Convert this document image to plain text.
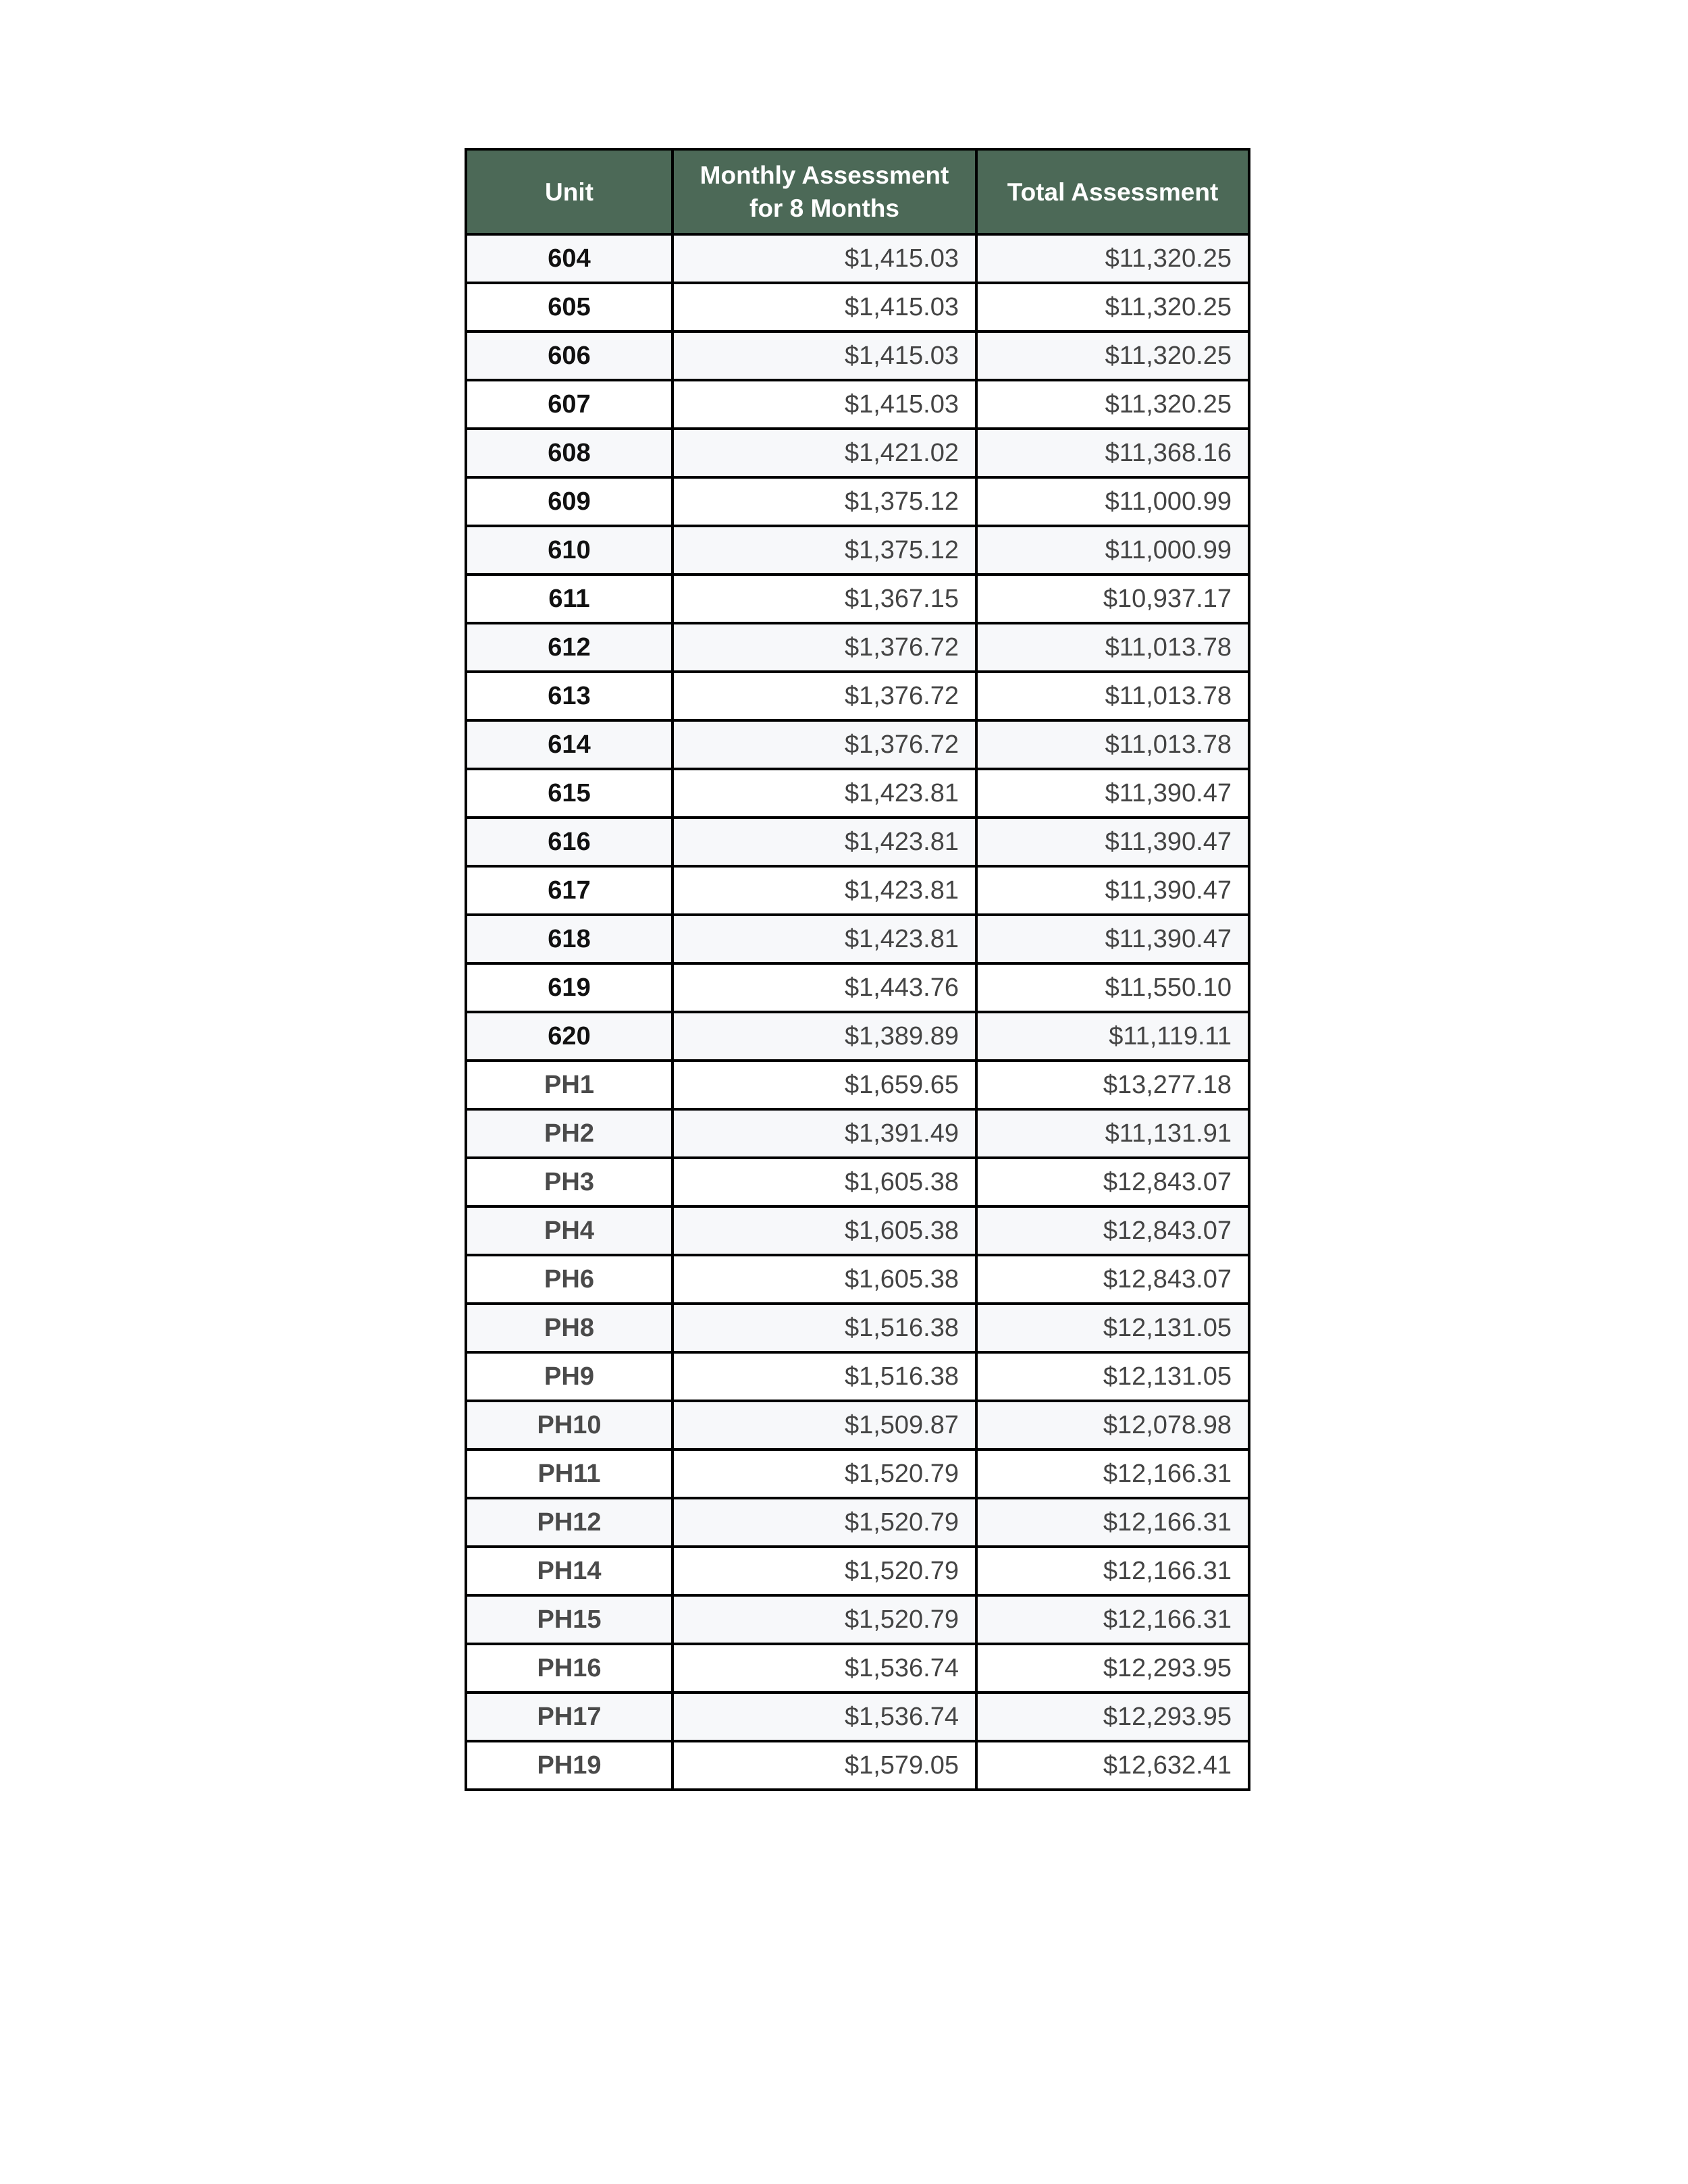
Unit	Monthly Assessment for 8 Months	Total Assessment
604	$1,415.03	$11,320.25
605	$1,415.03	$11,320.25
606	$1,415.03	$11,320.25
607	$1,415.03	$11,320.25
608	$1,421.02	$11,368.16
609	$1,375.12	$11,000.99
610	$1,375.12	$11,000.99
611	$1,367.15	$10,937.17
612	$1,376.72	$11,013.78
613	$1,376.72	$11,013.78
614	$1,376.72	$11,013.78
615	$1,423.81	$11,390.47
616	$1,423.81	$11,390.47
617	$1,423.81	$11,390.47
618	$1,423.81	$11,390.47
619	$1,443.76	$11,550.10
620	$1,389.89	$11,119.11
PH1	$1,659.65	$13,277.18
PH2	$1,391.49	$11,131.91
PH3	$1,605.38	$12,843.07
PH4	$1,605.38	$12,843.07
PH6	$1,605.38	$12,843.07
PH8	$1,516.38	$12,131.05
PH9	$1,516.38	$12,131.05
PH10	$1,509.87	$12,078.98
PH11	$1,520.79	$12,166.31
PH12	$1,520.79	$12,166.31
PH14	$1,520.79	$12,166.31
PH15	$1,520.79	$12,166.31
PH16	$1,536.74	$12,293.95
PH17	$1,536.74	$12,293.95
PH19	$1,579.05	$12,632.41
